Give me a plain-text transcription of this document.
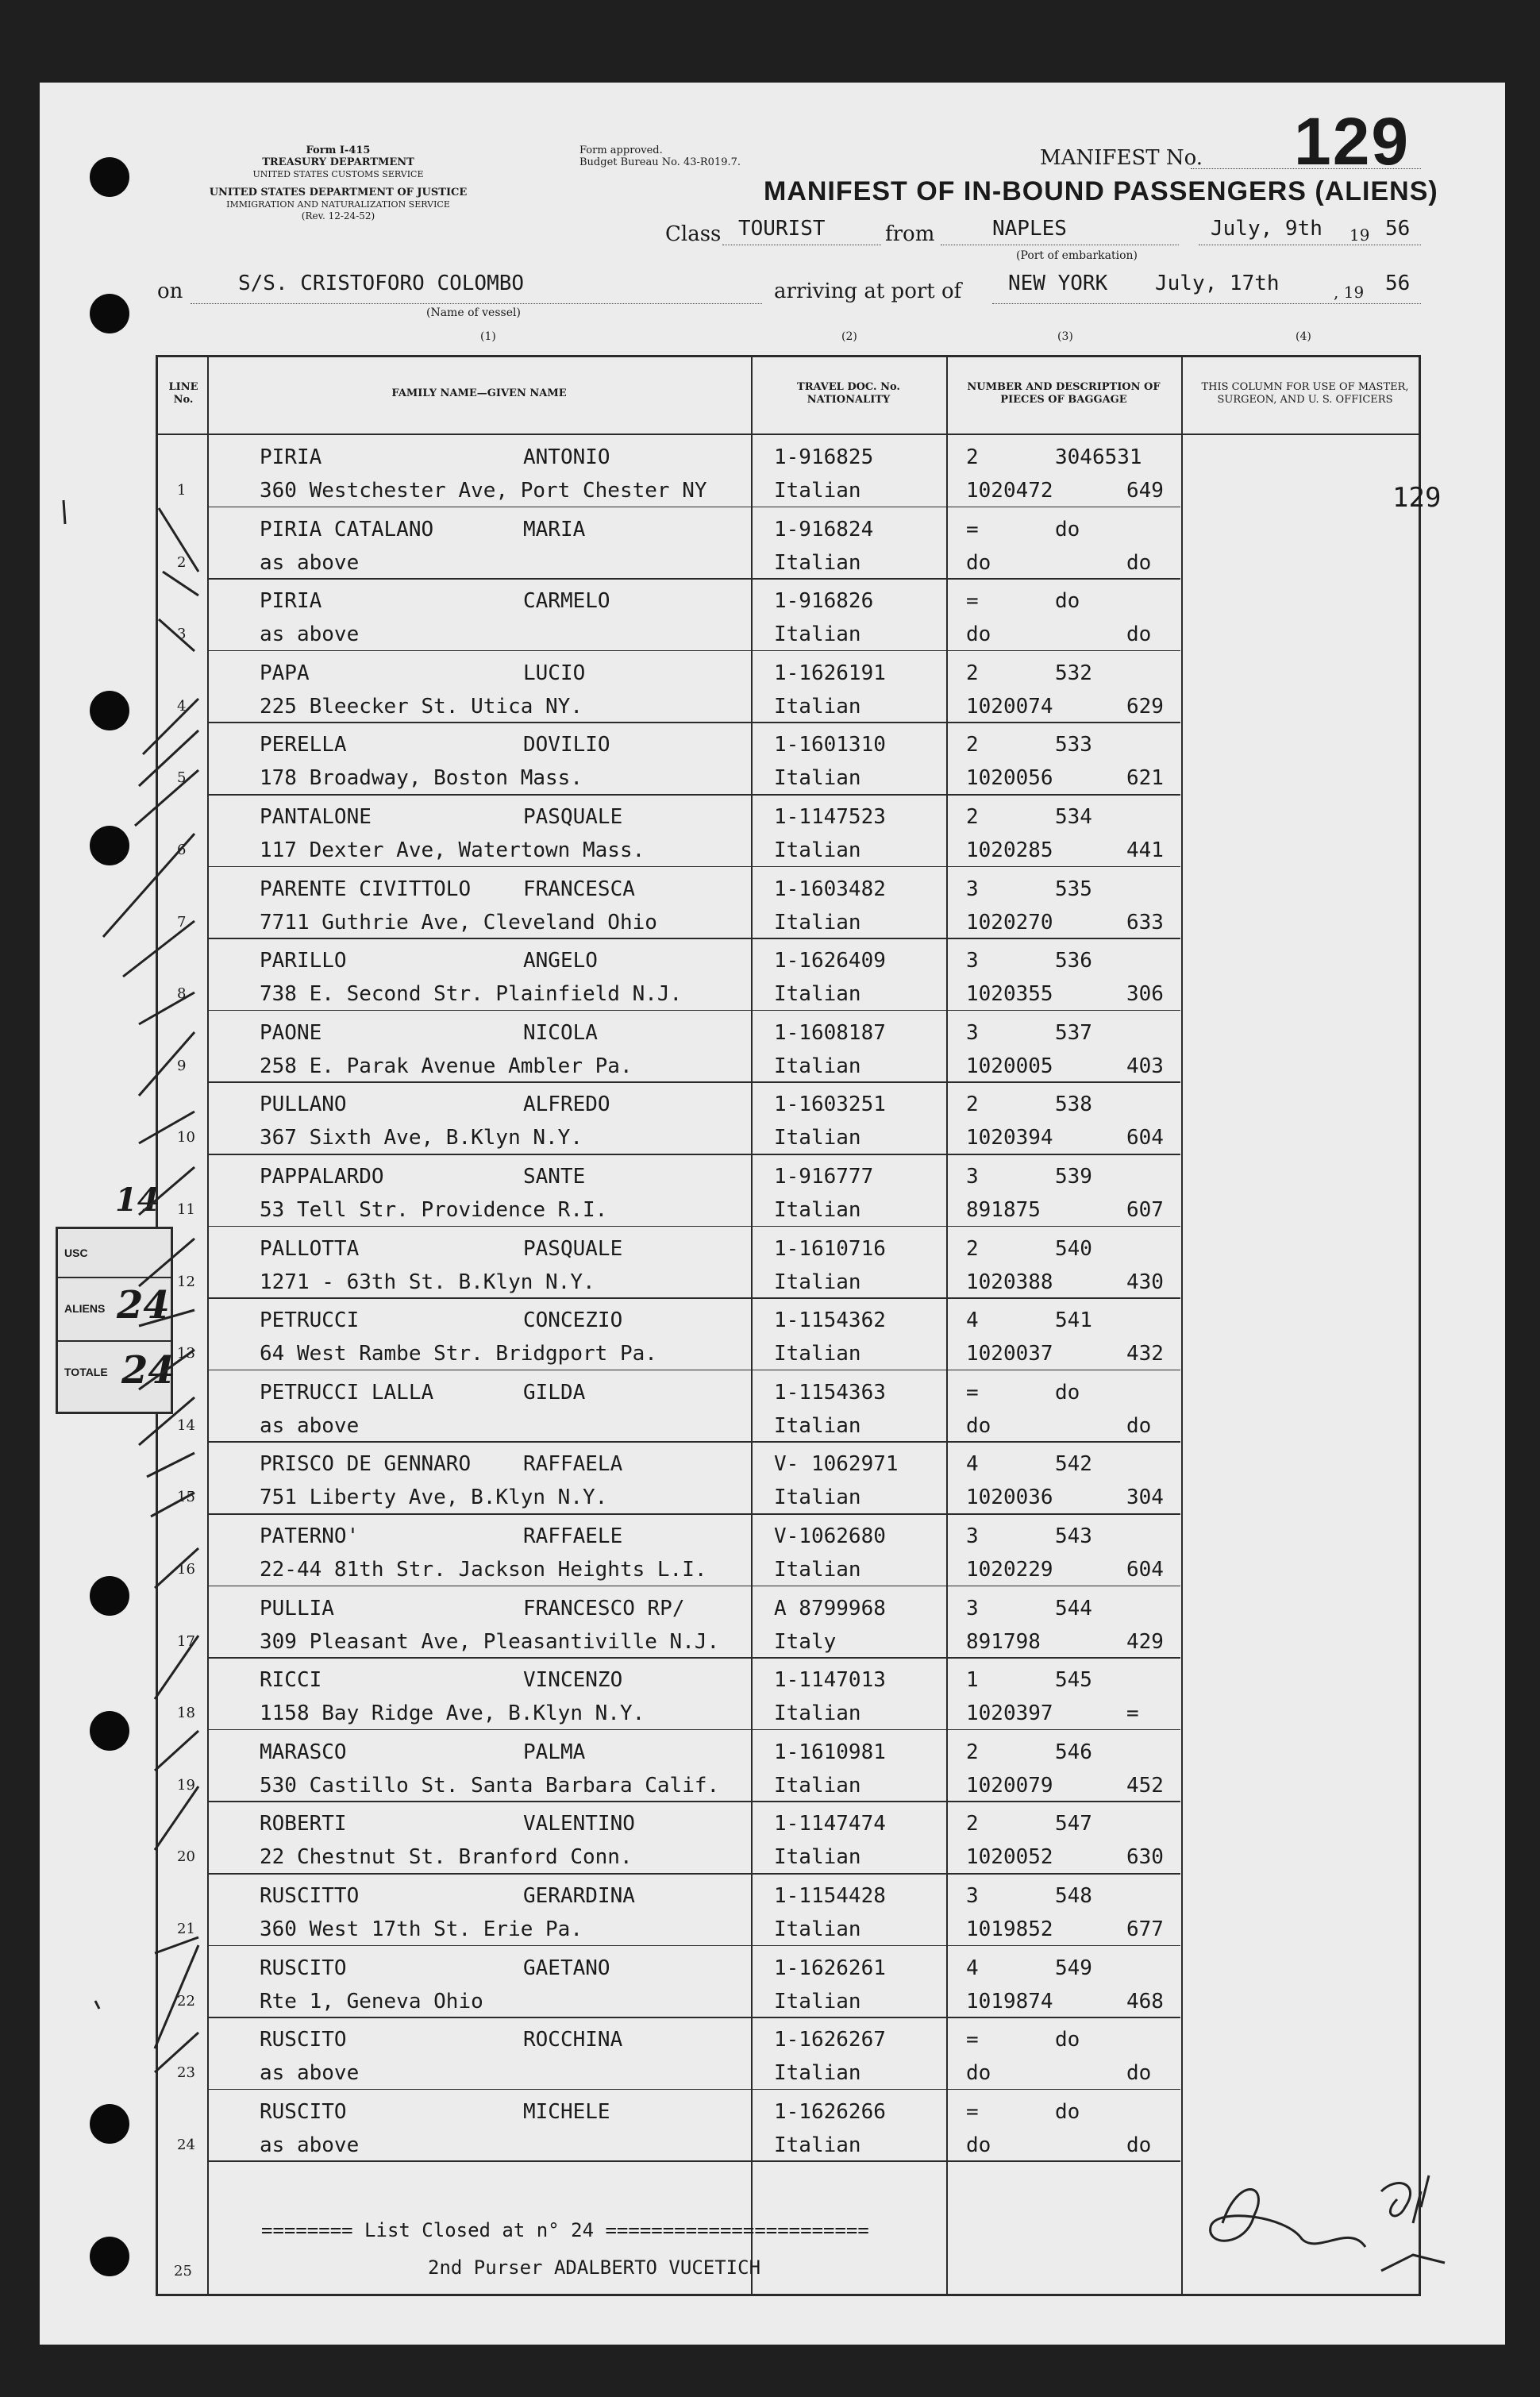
Form I-415
TREASURY DEPARTMENT
UNITED STATES CUSTOMS SERVICE
UNITED STATES DEPARTMENT OF JUSTICE
IMMIGRATION AND NATURALIZATION SERVICE
(Rev. 12-24-52)
Form approved.
Budget Bureau No. 43-R019.7.	MANIFEST No. 129
MANIFEST OF IN-BOUND PASSENGERS (ALIENS)
Class TOURIST	from	NAPLES
(Port of embarkation)
July, 9th 19 56
on	S/S. CRISTOFORO COLOMBO
(Name of vessel)
arriving at port of NEW YORK July, 17th	, 19 56
(1)	(2)	(3)	(4)
LINE No.
FAMILY NAME—GIVEN NAME
TRAVEL DOC. No. NATIONALITY
NUMBER AND DESCRIPTION OF PIECES OF BAGGAGE
THIS COLUMN FOR USE OF MASTER, SURGEON, AND U. S. OFFICERS
129
1
PIRIA	ANTONIO
360 Westchester Ave, Port Chester NY
1-916825
Italian
2	3046531
1020472	649
2
PIRIA CATALANO	MARIA
as above
1-916824
Italian
=	do
do	do
3
PIRIA	CARMELO
as above
1-916826
Italian
=	do
do	do
4
PAPA	LUCIO
225 Bleecker St. Utica NY.
1-1626191
Italian
2	532
1020074	629
5
PERELLA	DOVILIO
178 Broadway, Boston Mass.
1-1601310
Italian
2	533
1020056	621
6
PANTALONE	PASQUALE
117 Dexter Ave, Watertown Mass.
1-1147523
Italian
2	534
1020285	441
7
PARENTE CIVITTOLO	FRANCESCA
7711 Guthrie Ave, Cleveland Ohio
1-1603482
Italian
3	535
1020270	633
8
PARILLO	ANGELO
738 E. Second Str. Plainfield N.J.
1-1626409
Italian
3	536
1020355	306
9
PAONE	NICOLA
258 E. Parak Avenue Ambler Pa.
1-1608187
Italian
3	537
1020005	403
10
PULLANO	ALFREDO
367 Sixth Ave, B.Klyn N.Y.
1-1603251
Italian
2	538
1020394	604
11
PAPPALARDO	SANTE
53 Tell Str. Providence R.I.
1-916777
Italian
3	539
891875	607
12
PALLOTTA	PASQUALE
1271 - 63th St. B.Klyn N.Y.
1-1610716
Italian
2	540
1020388	430
13
PETRUCCI	CONCEZIO
64 West Rambe Str. Bridgport Pa.
1-1154362
Italian
4	541
1020037	432
14
PETRUCCI LALLA	GILDA
as above
1-1154363
Italian
=	do
do	do
15
PRISCO DE GENNARO	RAFFAELA
751 Liberty Ave, B.Klyn N.Y.
V- 1062971
Italian
4	542
1020036	304
16
PATERNO'	RAFFAELE
22-44 81th Str. Jackson Heights L.I.
V-1062680
Italian
3	543
1020229	604
17
PULLIA	FRANCESCO RP/
309 Pleasant Ave, Pleasantiville N.J.
A 8799968
Italy
3	544
891798	429
18
RICCI	VINCENZO
1158 Bay Ridge Ave, B.Klyn N.Y.
1-1147013
Italian
1	545
1020397	=
19
MARASCO	PALMA
530 Castillo St. Santa Barbara Calif.
1-1610981
Italian
2	546
1020079	452
20
ROBERTI	VALENTINO
22 Chestnut St. Branford Conn.
1-1147474
Italian
2	547
1020052	630
21
RUSCITTO	GERARDINA
360 West 17th St. Erie Pa.
1-1154428
Italian
3	548
1019852	677
22
RUSCITO	GAETANO
Rte 1, Geneva Ohio
1-1626261
Italian
4	549
1019874	468
23
RUSCITO	ROCCHINA
as above
1-1626267
Italian
=	do
do	do
24
RUSCITO	MICHELE
as above
1-1626266
Italian
=	do
do	do
======== List Closed at n° 24 =======================
2nd Purser ADALBERTO VUCETICH
25
USC
ALIENS 24
TOTALE 24
14
